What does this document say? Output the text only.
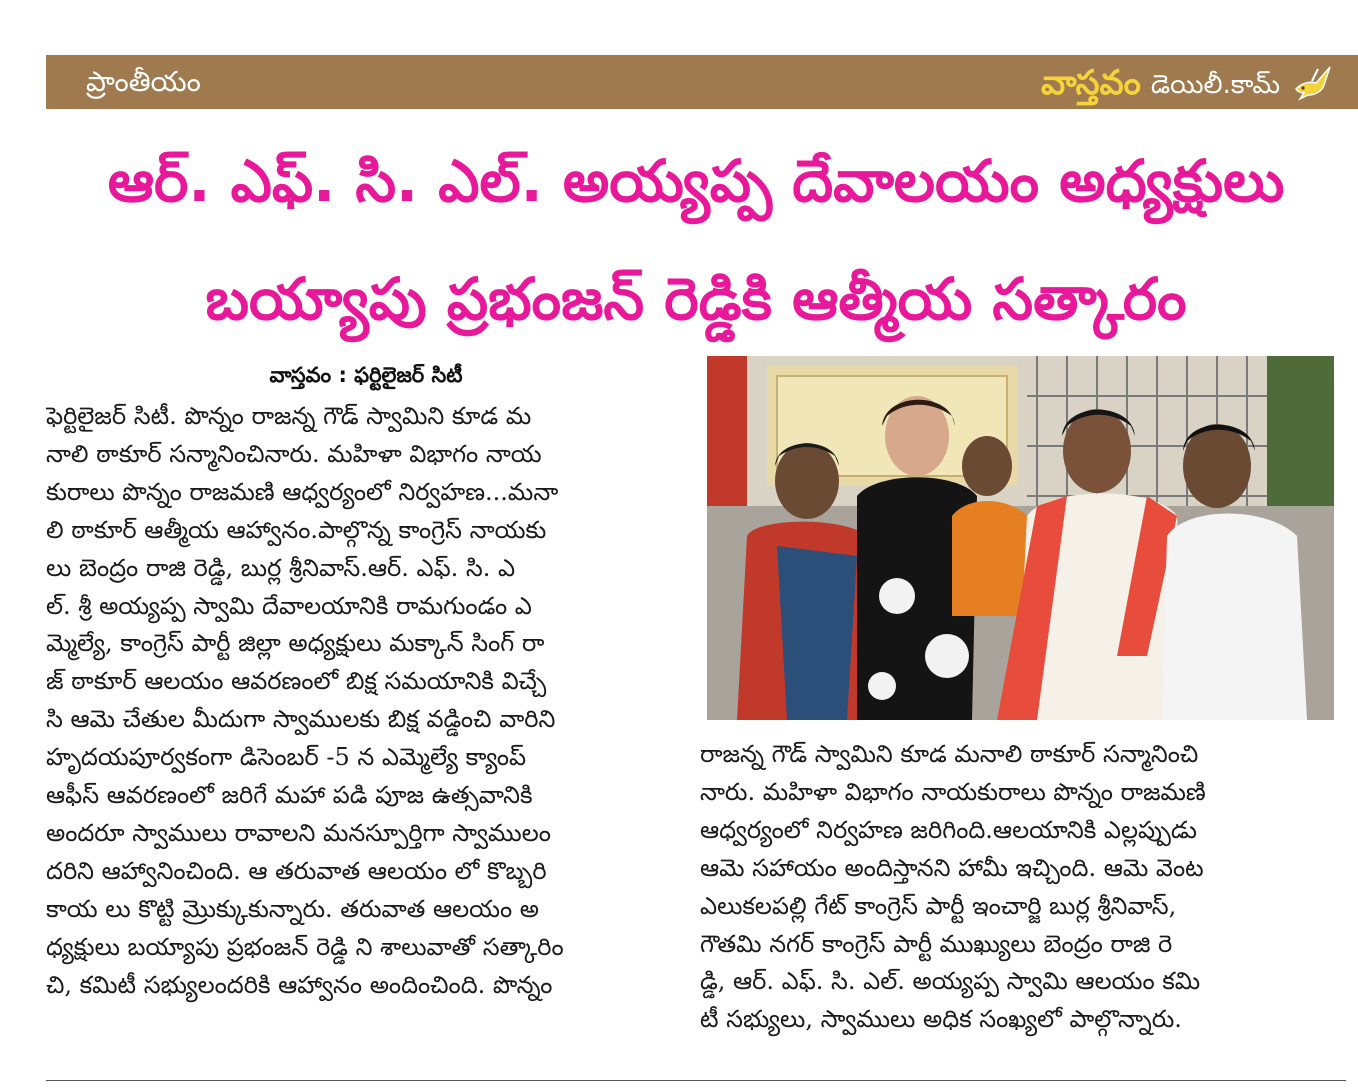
ప్రాంతీయం	వాస్తవం డెయిలీ.కామ్
ఆర్. ఎఫ్. సి. ఎల్. అయ్యప్ప దేవాలయం అధ్యక్షులు
బయ్యాపు ప్రభంజన్ రెడ్డికి ఆత్మీయ సత్కారం
వాస్తవం : ఫర్టిలైజర్ సిటీ
ఫెర్టిలైజర్ సిటీ. పొన్నం రాజన్న గౌడ్ స్వామిని కూడ మ
నాలి ఠాకూర్ సన్మానించినారు. మహిళా విభాగం నాయ
కురాలు పొన్నం రాజమణి ఆధ్వర్యంలో నిర్వహణ...మనా
లి ఠాకూర్ ఆత్మీయ ఆహ్వానం.పాల్గొన్న కాంగ్రెస్ నాయకు
లు బెంద్రం రాజి రెడ్డి, బుర్ల శ్రీనివాస్.ఆర్. ఎఫ్. సి. ఎ
ల్. శ్రీ అయ్యప్ప స్వామి దేవాలయానికి రామగుండం ఎ
మ్మెల్యే, కాంగ్రెస్ పార్టీ జిల్లా అధ్యక్షులు మక్కాన్ సింగ్ రా
జ్ ఠాకూర్ ఆలయం ఆవరణంలో బిక్ష సమయానికి విచ్చే
సి ఆమె చేతుల మీదుగా స్వాములకు బిక్ష వడ్డించి వారిని
హృదయపూర్వకంగా డిసెంబర్ -5 న ఎమ్మెల్యే క్యాంప్
ఆఫీస్ ఆవరణంలో జరిగే మహా పడి పూజ ఉత్సవానికి
అందరూ స్వాములు రావాలని మనస్పూర్తిగా స్వాములం
దరిని ఆహ్వానించింది. ఆ తరువాత ఆలయం లో కొబ్బరి
కాయ లు కొట్టి మ్రొక్కుకున్నారు. తరువాత ఆలయం అ
ధ్యక్షులు బయ్యాపు ప్రభంజన్ రెడ్డి ని శాలువాతో సత్కారిం
చి, కమిటీ సభ్యులందరికి ఆహ్వానం అందించింది. పొన్నం
రాజన్న గౌడ్ స్వామిని కూడ మనాలి ఠాకూర్ సన్మానించి
నారు. మహిళా విభాగం నాయకురాలు పొన్నం రాజమణి
ఆధ్వర్యంలో నిర్వహణ జరిగింది.ఆలయానికి ఎల్లప్పుడు
ఆమె సహాయం అందిస్తానని హామీ ఇచ్చింది. ఆమె వెంట
ఎలుకలపల్లి గేట్ కాంగ్రెస్ పార్టీ ఇంచార్జి బుర్ల శ్రీనివాస్,
గౌతమి నగర్ కాంగ్రెస్ పార్టీ ముఖ్యులు బెంద్రం రాజి రె
డ్డి, ఆర్. ఎఫ్. సి. ఎల్. అయ్యప్ప స్వామి ఆలయం కమి
టీ సభ్యులు, స్వాములు అధిక సంఖ్యలో పాల్గొన్నారు.
